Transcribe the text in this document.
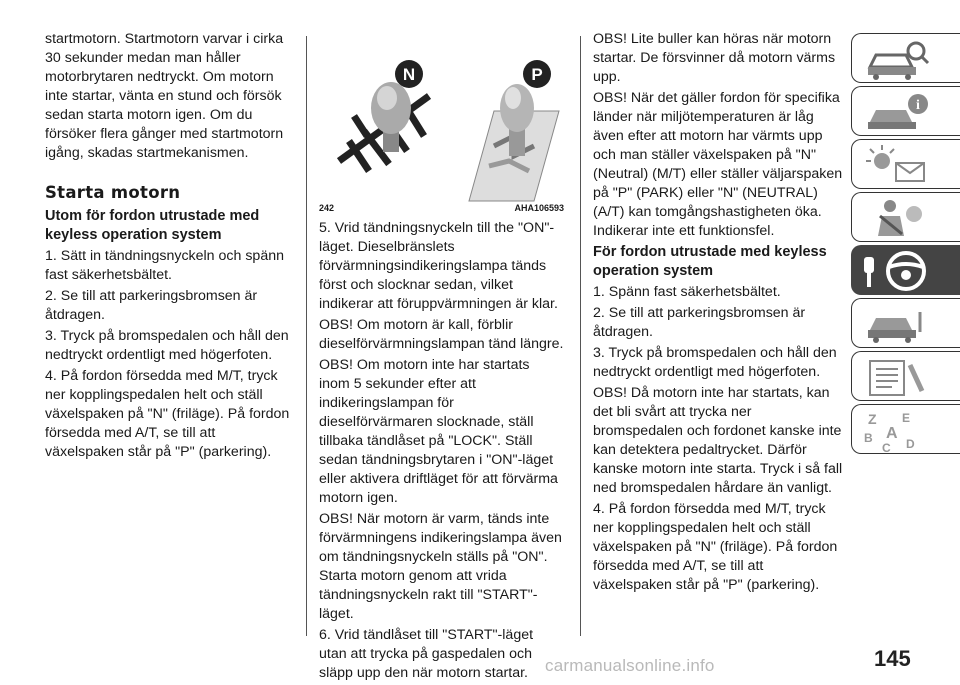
startmotorn. Startmotorn varvar i cirka 30 sekunder medan man håller motorbrytaren nedtryckt. Om motorn inte startar, vänta en stund och försök sedan starta motorn igen. Om du försöker flera gånger med startmotorn igång, skadas startmekanismen.

Starta motorn
Utom för fordon utrustade med keyless operation system

1. Sätt in tändningsnyckeln och spänn fast säkerhetsbältet.

2. Se till att parkeringsbromsen är åtdragen.

3. Tryck på bromspedalen och håll den nedtryckt ordentligt med högerfoten.

4. På fordon försedda med M/T, tryck ner kopplingspedalen helt och ställ växelspaken på "N" (friläge). På fordon försedda med A/T, se till att växelspaken står på "P" (parkering).

N	P
242	AHA106593

5. Vrid tändningsnyckeln till the "ON"-läget. Dieselbränslets förvärmningsindikeringslampa tänds först och slocknar sedan, vilket indikerar att föruppvärmningen är klar.

OBS! Om motorn är kall, förblir dieselförvärmningslampan tänd längre.

OBS! Om motorn inte har startats inom 5 sekunder efter att indikeringslampan för dieselförvärmaren slocknade, ställ tillbaka tändlåset på "LOCK". Ställ sedan tändningsbrytaren i "ON"-läget eller aktivera driftläget för att förvärma motorn igen.

OBS! När motorn är varm, tänds inte förvärmningens indikeringslampa även om tändningsnyckeln ställs på "ON". Starta motorn genom att vrida tändningsnyckeln rakt till "START"-läget.

6. Vrid tändlåset till "START"-läget utan att trycka på gaspedalen och släpp upp den när motorn startar.

OBS! Lite buller kan höras när motorn startar. De försvinner då motorn värms upp.

OBS! När det gäller fordon för specifika länder när miljötemperaturen är låg även efter att motorn har värmts upp och man ställer växelspaken på "N" (Neutral) (M/T) eller ställer väljarspaken på "P" (PARK) eller "N" (NEUTRAL) (A/T) kan tomgångshastigheten öka. Indikerar inte ett funktionsfel.

För fordon utrustade med keyless operation system

1. Spänn fast säkerhetsbältet.

2. Se till att parkeringsbromsen är åtdragen.

3. Tryck på bromspedalen och håll den nedtryckt ordentligt med högerfoten.

OBS! Då motorn inte har startats, kan det bli svårt att trycka ner bromspedalen och fordonet kanske inte kan detektera pedaltrycket. Därför kanske motorn inte starta. Tryck i så fall ned bromspedalen hårdare än vanligt.

4. På fordon försedda med M/T, tryck ner kopplingspedalen helt och ställ växelspaken på "N" (friläge). På fordon försedda med A/T, se till att växelspaken står på "P" (parkering).

i
Z E
B A
C D
145
carmanualsonline.info
